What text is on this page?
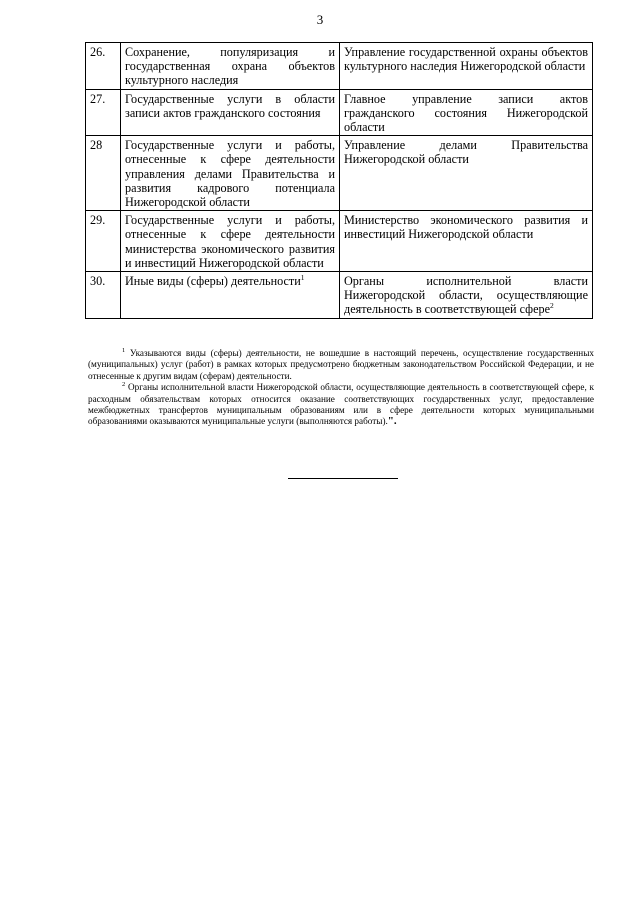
3
26.	Сохранение, популяризация и государственная охрана объектов культурного наследия	Управление государственной охраны объектов культурного наследия Нижегородской области
27.	Государственные услуги в области записи актов гражданского состояния	Главное управление записи актов гражданского состояния Нижегородской области
28	Государственные услуги и работы, отнесенные к сфере деятельности управления делами Правительства и развития кадрового потенциала Нижегородской области	Управление делами Правительства Нижегородской области
29.	Государственные услуги и работы, отнесенные к сфере деятельности министерства экономического развития и инвестиций Нижегородской области	Министерство экономического развития и инвестиций Нижегородской области
30.	Иные виды (сферы) деятельности$^1$	Органы исполнительной власти Нижегородской области, осуществляющие деятельность в соответствующей сфере$^2$

$^1$ Указываются виды (сферы) деятельности, не вошедшие в настоящий перечень, осуществление государственных (муниципальных) услуг (работ) в рамках которых предусмотрено бюджетным законодательством Российской Федерации, и не отнесенные к другим видам (сферам) деятельности.

$^2$ Органы исполнительной власти Нижегородской области, осуществляющие деятельность в соответствующей сфере, к расходным обязательствам которых относится оказание соответствующих государственных услуг, предоставление межбюджетных трансфертов муниципальным образованиям или в сфере деятельности которых муниципальными образованиями оказываются муниципальные услуги (выполняются работы).".
